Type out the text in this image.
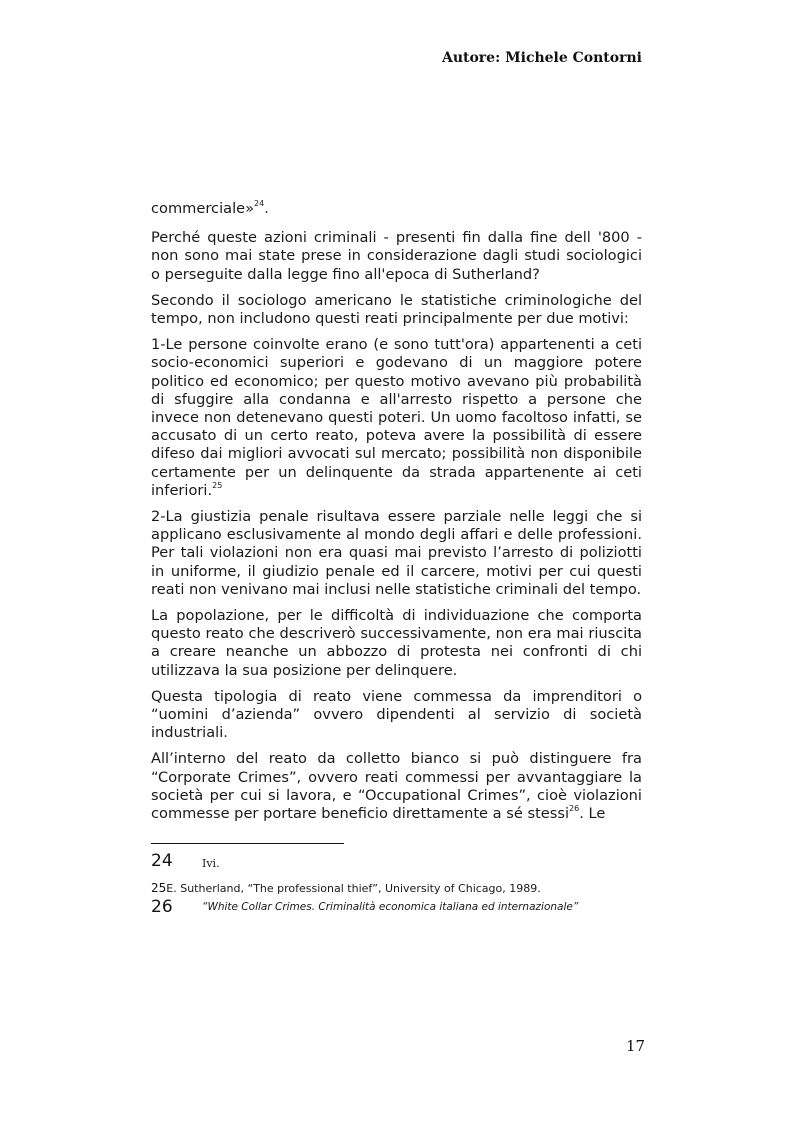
Autore: Michele Contorni

commerciale»$^{24}$.

Perché queste azioni criminali - presenti fin dalla fine dell '800 - non sono mai state prese in considerazione dagli studi sociologici o perseguite dalla legge fino all'epoca di Sutherland?

Secondo il sociologo americano le statistiche criminologiche del tempo, non includono questi reati principalmente per due motivi:

1-Le persone coinvolte erano (e sono tutt'ora) appartenenti a ceti socio-economici superiori e godevano di un maggiore potere politico ed economico; per questo motivo avevano più probabilità di sfuggire alla condanna e all'arresto rispetto a persone che invece non detenevano questi poteri. Un uomo facoltoso infatti, se accusato di un certo reato, poteva avere la possibilità di essere difeso dai migliori avvocati sul mercato; possibilità non disponibile certamente per un delinquente da strada appartenente ai ceti inferiori.$^{25}$

2-La giustizia penale risultava essere parziale nelle leggi che si applicano esclusivamente al mondo degli affari e delle professioni. Per tali violazioni non era quasi mai previsto l’arresto di poliziotti in uniforme, il giudizio penale ed il carcere, motivi per cui questi reati non venivano mai inclusi nelle statistiche criminali del tempo.

La popolazione, per le difficoltà di individuazione che comporta questo reato che descriverò successivamente, non era mai riuscita a creare neanche un abbozzo di protesta nei confronti di chi utilizzava la sua posizione per delinquere.

Questa tipologia di reato viene commessa da imprenditori o “uomini d’azienda” ovvero dipendenti al servizio di società industriali.

All’interno del reato da colletto bianco si può distinguere fra “Corporate Crimes”, ovvero reati commessi per avvantaggiare la società per cui si lavora, e “Occupational Crimes”, cioè violazioni commesse per portare beneficio direttamente a sé stessi$^{26}$. Le

24	Ivi.
25E. Sutherland, “The professional thief”, University of Chicago, 1989.
26	“White Collar Crimes. Criminalità economica italiana ed internazionale”
17
